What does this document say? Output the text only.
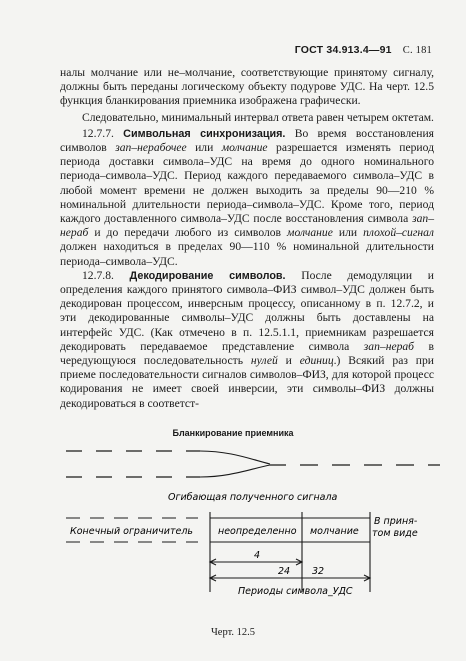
ГОСТ 34.913.4—91 С. 181

налы молчание или не–молчание, соответствующие принятому сигналу, должны быть переданы логическому объекту подурове УДС. На черт. 12.5 функция бланкирования приемника изображена графически.

Следовательно, минимальный интервал ответа равен четырем октетам.

12.7.7. Символьная синхронизация. Во время восстановления символов зап–нерабочее или молчание разрешается изменять период периода доставки символа–УДС на время до одного номинального периода–символа–УДС. Период каждого передаваемого символа–УДС в любой момент времени не должен выходить за пределы 90—210 % номинальной длительности периода–символа–УДС. Кроме того, период каждого доставленного символа–УДС после восстановления символа зап–нераб и до передачи любого из символов молчание или плохой–сигнал должен находиться в пределах 90—110 % номинальной длительности периода–символа–УДС.

12.7.8. Декодирование символов. После демодуляции и определения каждого принятого символа–ФИЗ символ–УДС должен быть декодирован процессом, инверсным процессу, описанному в п. 12.7.2, и эти декодированные символы–УДС должны быть доставлены на интерфейс УДС. (Как отмечено в п. 12.5.1.1, приемникам разрешается декодировать передаваемое представление символа зап–нераб в чередующуюся последовательность нулей и единиц.) Всякий раз при приеме последовательности сигналов символов–ФИЗ, для которой процесс кодирования не имеет своей инверсии, эти символы–ФИЗ должны декодироваться в соответст-

Бланкирование приемника
Огибающая полученного сигнала
Конечный ограничитель	неопределенно молчание
В приня- том виде
4
24 32
Периоды символа_УДС
Черт. 12.5
